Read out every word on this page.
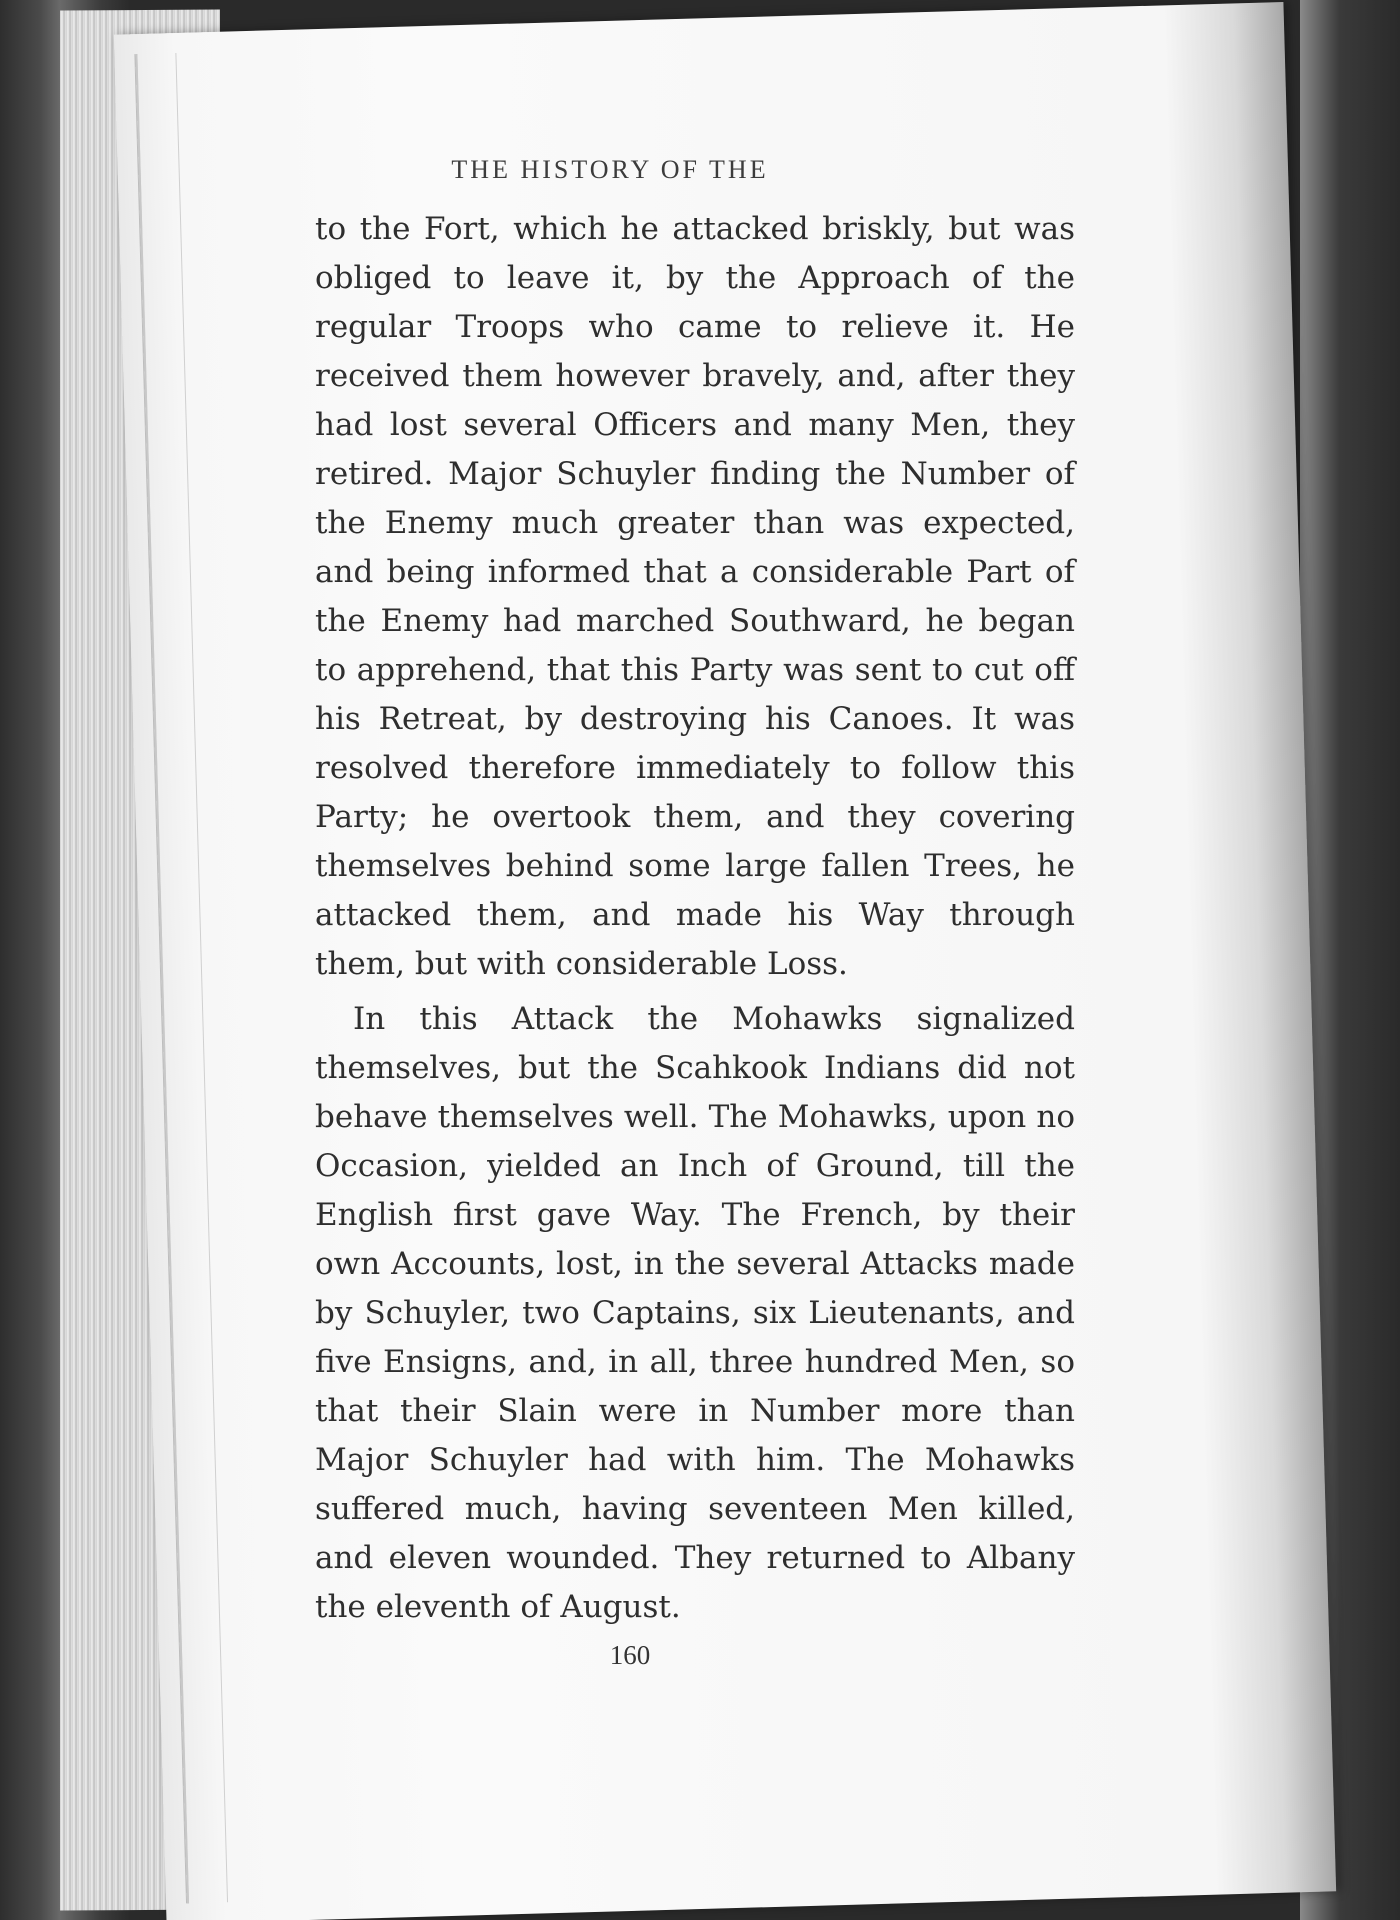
THE HISTORY OF THE

to the Fort, which he attacked briskly, but was obliged to leave it, by the Approach of the regular Troops who came to relieve it. He received them however bravely, and, after they had lost several Officers and many Men, they retired. Major Schuyler finding the Number of the Enemy much greater than was expected, and being informed that a considerable Part of the Enemy had marched Southward, he began to apprehend, that this Party was sent to cut off his Retreat, by destroying his Canoes. It was resolved therefore immediately to follow this Party; he overtook them, and they covering themselves behind some large fallen Trees, he attacked them, and made his Way through them, but with considerable Loss.

In this Attack the Mohawks signalized themselves, but the Scahkook Indians did not behave themselves well. The Mohawks, upon no Occasion, yielded an Inch of Ground, till the English first gave Way. The French, by their own Accounts, lost, in the several Attacks made by Schuyler, two Captains, six Lieutenants, and five Ensigns, and, in all, three hundred Men, so that their Slain were in Number more than Major Schuyler had with him. The Mohawks suffered much, having seventeen Men killed, and eleven wounded. They returned to Albany the eleventh of August.

160
